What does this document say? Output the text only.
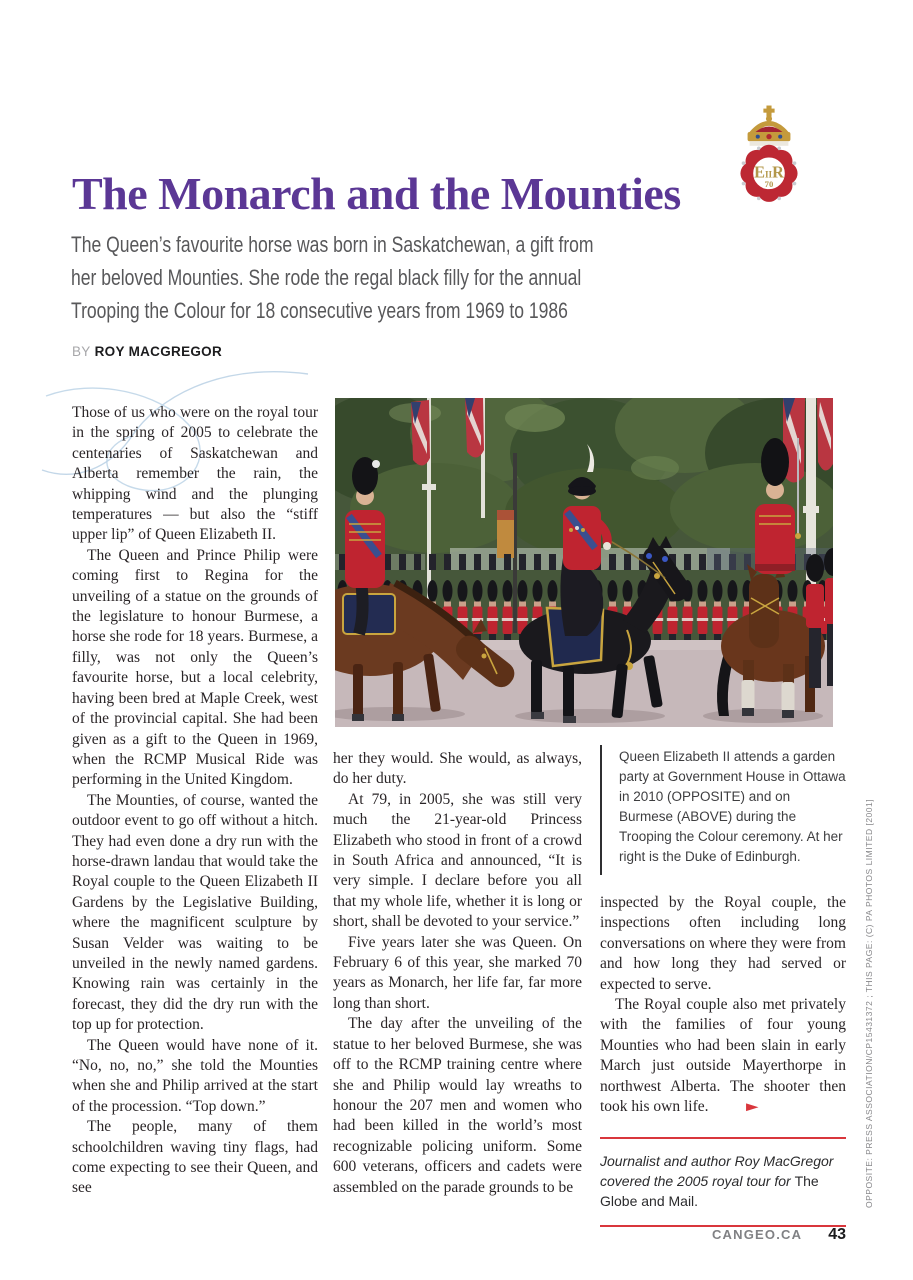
The Monarch and the Mounties	EIIR
70
The Queen’s favourite horse was born in Saskatchewan, a gift from
her beloved Mounties. She rode the regal black filly for the annual
Trooping the Colour for 18 consecutive years from 1969 to 1986
BY ROY MACGREGOR

Those of us who were on the royal tour in the spring of 2005 to celebrate the centenaries of Saskatchewan and Alberta remember the rain, the whipping wind and the plunging temperatures — but also the “stiff upper lip” of Queen Elizabeth II.

The Queen and Prince Philip were coming first to Regina for the unveiling of a statue on the grounds of the legislature to honour Burmese, a horse she rode for 18 years. Burmese, a filly, was not only the Queen’s favourite horse, but a local celebrity, having been bred at Maple Creek, west of the provincial capital. She had been given as a gift to the Queen in 1969, when the RCMP Musical Ride was performing in the United Kingdom.

The Mounties, of course, wanted the outdoor event to go off without a hitch. They had even done a dry run with the horse-drawn landau that would take the Royal couple to the Queen Elizabeth II Gardens by the Legislative Building, where the magnificent sculpture by Susan Velder was waiting to be unveiled in the newly named gardens. Knowing rain was certainly in the forecast, they did the dry run with the top up for protection.

The Queen would have none of it. “No, no, no,” she told the Mounties when she and Philip arrived at the start of the procession. “Top down.”

The people, many of them schoolchildren waving tiny flags, had come expecting to see their Queen, and see

her they would. She would, as always, do her duty.

At 79, in 2005, she was still very much the 21-year-old Princess Elizabeth who stood in front of a crowd in South Africa and announced, “It is very simple. I declare before you all that my whole life, whether it is long or short, shall be devoted to your service.”

Five years later she was Queen. On February 6 of this year, she marked 70 years as Monarch, her life far, far more long than short.

The day after the unveiling of the statue to her beloved Burmese, she was off to the RCMP training centre where she and Philip would lay wreaths to honour the 207 men and women who had been killed in the world’s most recognizable policing uniform. Some 600 veterans, officers and cadets were assembled on the parade grounds to be

Queen Elizabeth II attends a garden party at Government House in Ottawa in 2010 (OPPOSITE) and on Burmese (ABOVE) during the Trooping the Colour ceremony. At her right is the Duke of Edinburgh.

inspected by the Royal couple, the inspections often including long conversations on where they were from and how long they had served or expected to serve.

The Royal couple also met privately with the families of four young Mounties who had been slain in early March just outside Mayerthorpe in northwest Alberta. The shooter then took his own life.	►

Journalist and author Roy MacGregor covered the 2005 royal tour for The Globe and Mail.	OPPOSITE: PRESS ASSOCIATION/CP15431372 ; THIS PAGE: (C) PA PHOTOS LIMITED [2001]
CANGEO.CA 43
